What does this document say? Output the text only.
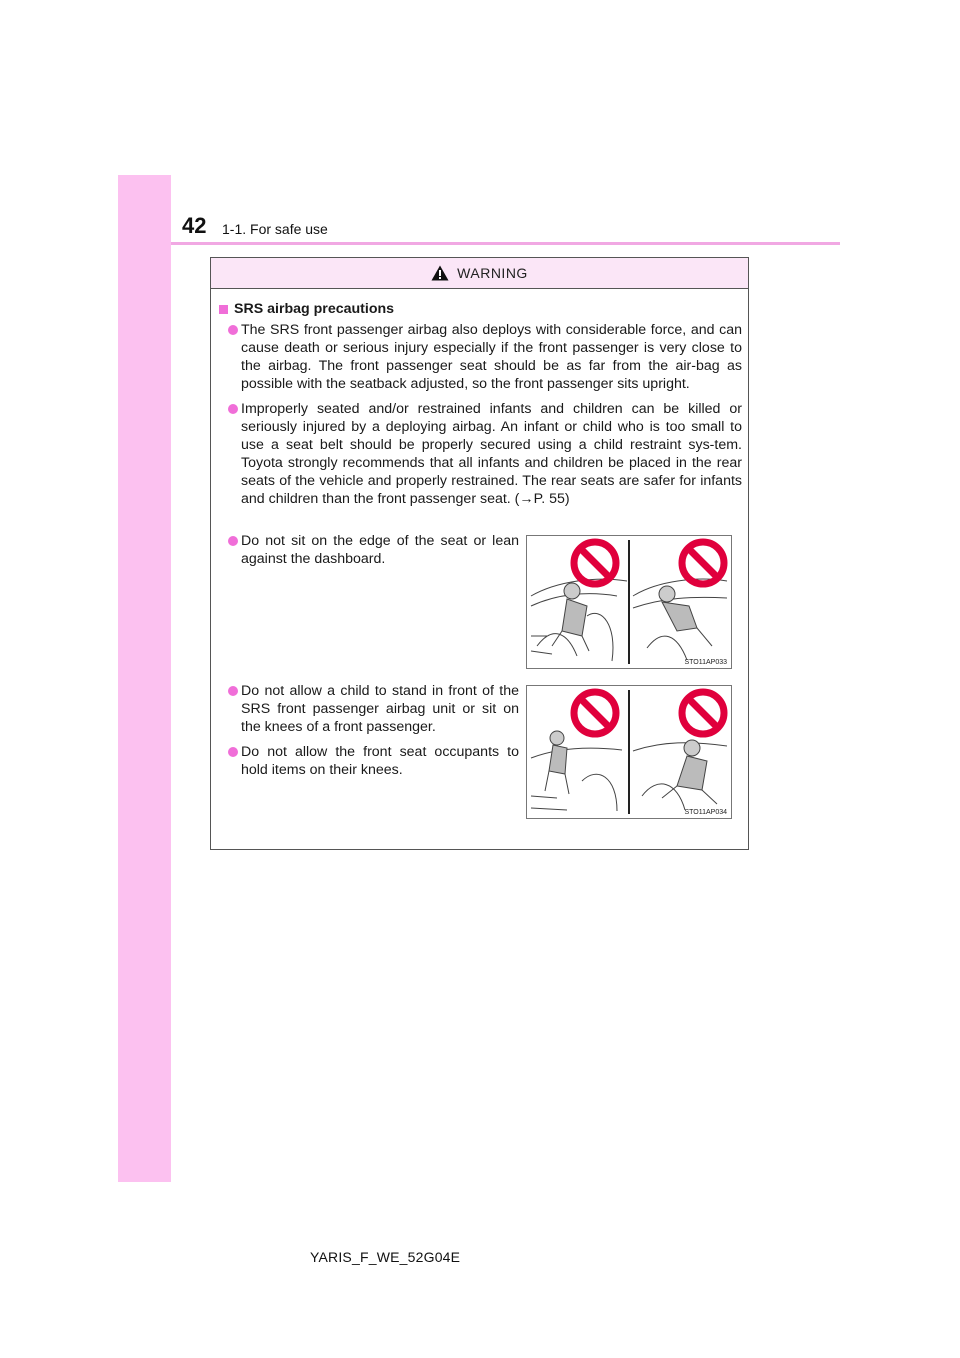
42 1-1. For safe use
WARNING
SRS airbag precautions
The SRS front passenger airbag also deploys with considerable force, and can cause death or serious injury especially if the front passenger is very close to the airbag. The front passenger seat should be as far from the air-bag as possible with the seatback adjusted, so the front passenger sits upright.
Improperly seated and/or restrained infants and children can be killed or seriously injured by a deploying airbag. An infant or child who is too small to use a seat belt should be properly secured using a child restraint sys-tem. Toyota strongly recommends that all infants and children be placed in the rear seats of the vehicle and properly restrained. The rear seats are safer for infants and children than the front passenger seat. (→P. 55)
Do not sit on the edge of the seat or lean against the dashboard.
STO11AP033
Do not allow a child to stand in front of the SRS front passenger airbag unit or sit on the knees of a front passenger.
Do not allow the front seat occupants to hold items on their knees.
STO11AP034
YARIS_F_WE_52G04E
